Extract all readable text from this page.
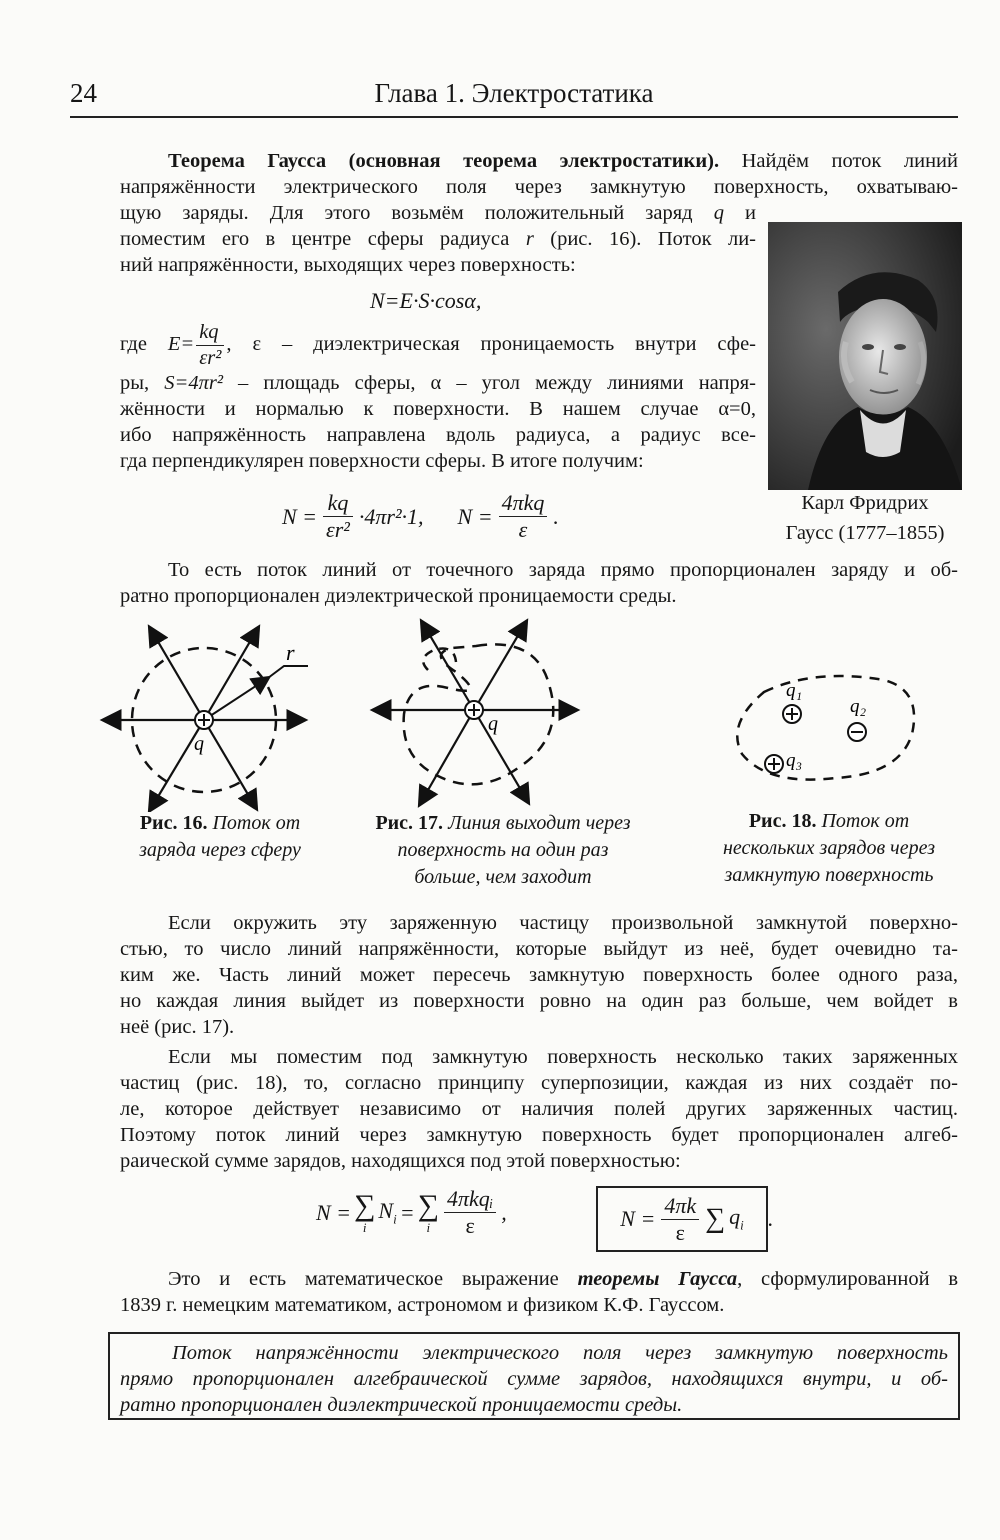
24	Глава 1. Электростатика
Теорема Гаусса (основная теорема электростатики). Найдём поток линий
напряжённости электрического поля через замкнутую поверхность, охватываю-
щую заряды. Для этого возьмём положительный заряд q и
поместим его в центре сферы радиуса r (рис. 16). Поток ли-
ний напряжённости, выходящих через поверхность:
N=E·S·cosα,
где $E= \frac{kq}{\text{εr²}}$ , ε – диэлектрическая проницаемость внутри сфе-
ры, S=4πr² – площадь сферы, α – угол между линиями напря-
жённости и нормалью к поверхности. В нашем случае α=0,
ибо напряжённость направлена вдоль радиуса, а радиус все-
гда перпендикулярен поверхности сферы. В итоге получим:
$N = \frac{kq}{\text{εr²}} \cdot 4\pi r^2\cdot 1$, $N = \frac{\text{4πkq}}{\varepsilon}$ .
Карл Фридрих
Гаусс (1777–1855)
То есть поток линий от точечного заряда прямо пропорционален заряду и об-
ратно пропорционален диэлектрической проницаемости среды.
r
q
Рис. 16. Поток от
заряда через сферу
q
Рис. 17. Линия выходит через
поверхность на один раз
больше, чем заходит
q₁
q₂
q₃
Рис. 18. Поток от
нескольких зарядов через
замкнутую поверхность
Если окружить эту заряженную частицу произвольной замкнутой поверхно-
стью, то число линий напряжённости, которые выйдут из неё, будет очевидно та-
ким же. Часть линий может пересечь замкнутую поверхность более одного раза,
но каждая линия выйдет из поверхности ровно на один раз больше, чем войдет в
неё (рис. 17).
Если мы поместим под замкнутую поверхность несколько таких заряженных
частиц (рис. 18), то, согласно принципу суперпозиции, каждая из них создаёт по-
ле, которое действует независимо от наличия полей других заряженных частиц.
Поэтому поток линий через замкнутую поверхность будет пропорционален алгеб-
раической сумме зарядов, находящихся под этой поверхностью:
N = ∑
i
$N_i$ = ∑
i $\frac{\text{4πkqᵢ}}{\varepsilon}$ ,	$N = \frac{4\pi k}{\varepsilon}$ ∑ $q_i$ .
Это и есть математическое выражение теоремы Гаусса, сформулированной в
1839 г. немецким математиком, астрономом и физиком К.Ф. Гауссом.
Поток напряжённости электрического поля через замкнутую поверхность
прямо пропорционален алгебраической сумме зарядов, находящихся внутри, и об-
ратно пропорционален диэлектрической проницаемости среды.
